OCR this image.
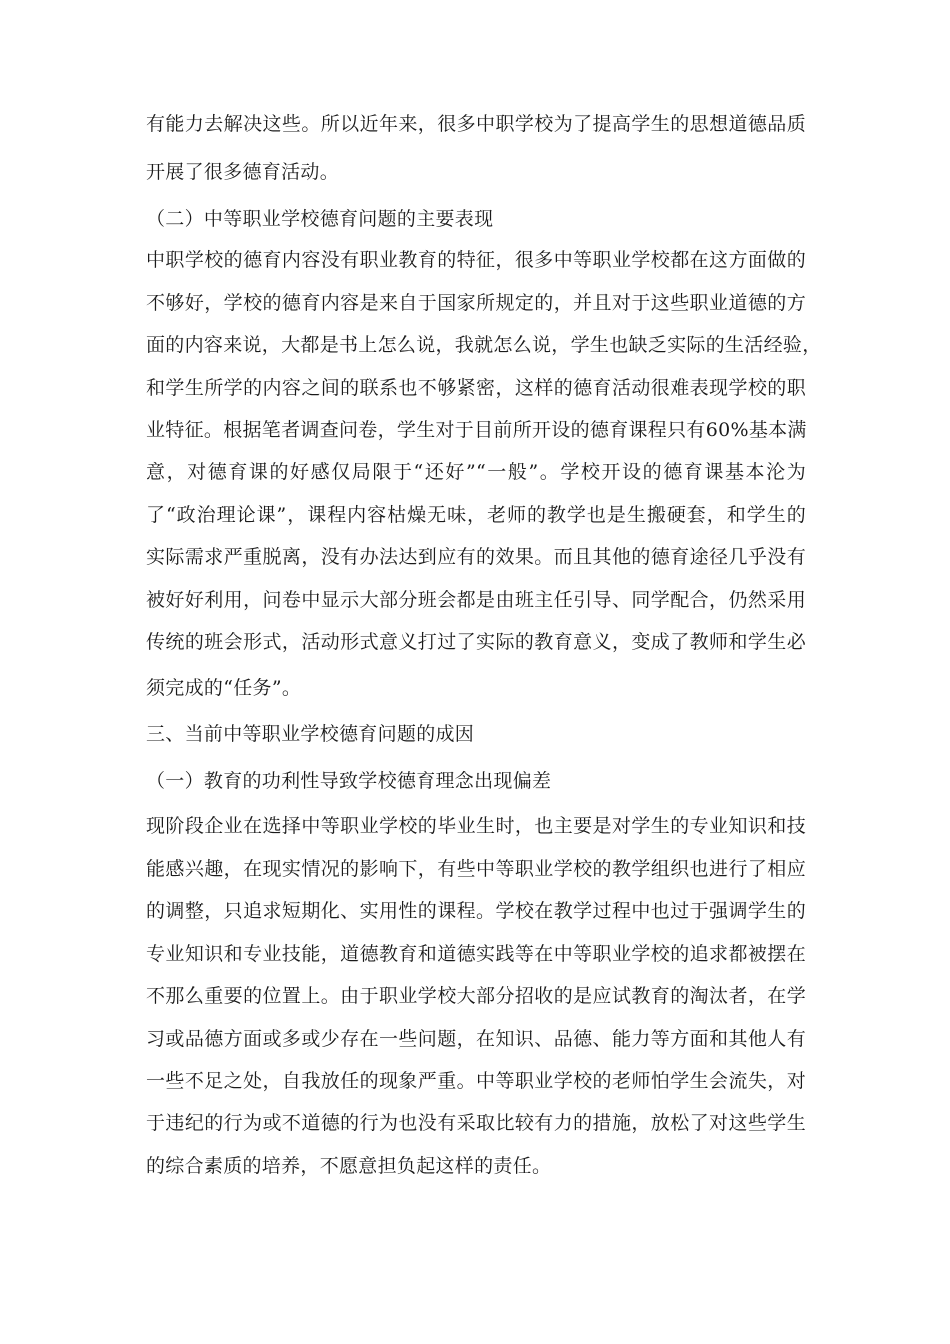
有能力去解决这些。所以近年来，很多中职学校为了提高学生的思想道德品质
开展了很多德育活动。
（二）中等职业学校德育问题的主要表现
中职学校的德育内容没有职业教育的特征，很多中等职业学校都在这方面做的
不够好，学校的德育内容是来自于国家所规定的，并且对于这些职业道德的方
面的内容来说，大都是书上怎么说，我就怎么说，学生也缺乏实际的生活经验，
和学生所学的内容之间的联系也不够紧密，这样的德育活动很难表现学校的职
业特征。根据笔者调查问卷，学生对于目前所开设的德育课程只有60%基本满
意，对德育课的好感仅局限于“还好”“一般”。学校开设的德育课基本沦为
了“政治理论课”，课程内容枯燥无味，老师的教学也是生搬硬套，和学生的
实际需求严重脱离，没有办法达到应有的效果。而且其他的德育途径几乎没有
被好好利用，问卷中显示大部分班会都是由班主任引导、同学配合，仍然采用
传统的班会形式，活动形式意义打过了实际的教育意义，变成了教师和学生必
须完成的“任务”。
三、当前中等职业学校德育问题的成因
（一）教育的功利性导致学校德育理念出现偏差
现阶段企业在选择中等职业学校的毕业生时，也主要是对学生的专业知识和技
能感兴趣，在现实情况的影响下，有些中等职业学校的教学组织也进行了相应
的调整，只追求短期化、实用性的课程。学校在教学过程中也过于强调学生的
专业知识和专业技能，道德教育和道德实践等在中等职业学校的追求都被摆在
不那么重要的位置上。由于职业学校大部分招收的是应试教育的淘汰者，在学
习或品德方面或多或少存在一些问题，在知识、品德、能力等方面和其他人有
一些不足之处，自我放任的现象严重。中等职业学校的老师怕学生会流失，对
于违纪的行为或不道德的行为也没有采取比较有力的措施，放松了对这些学生
的综合素质的培养，不愿意担负起这样的责任。
